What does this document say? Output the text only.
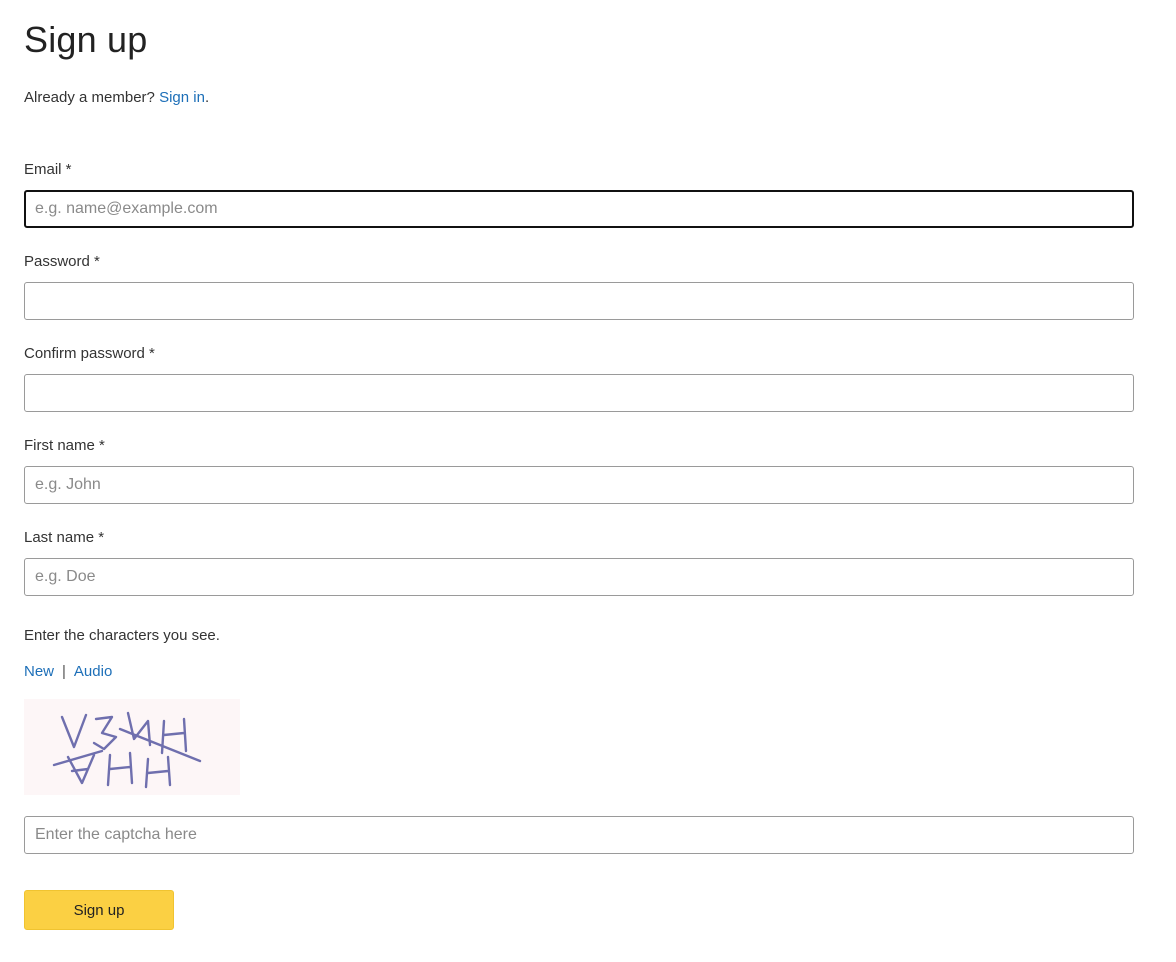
Sign up
Already a member? Sign in.
Email *
e.g. name@example.com
Password *
Confirm password *
First name *
e.g. John
Last name *
e.g. Doe
Enter the characters you see.
New | Audio
Enter the captcha here
Sign up
